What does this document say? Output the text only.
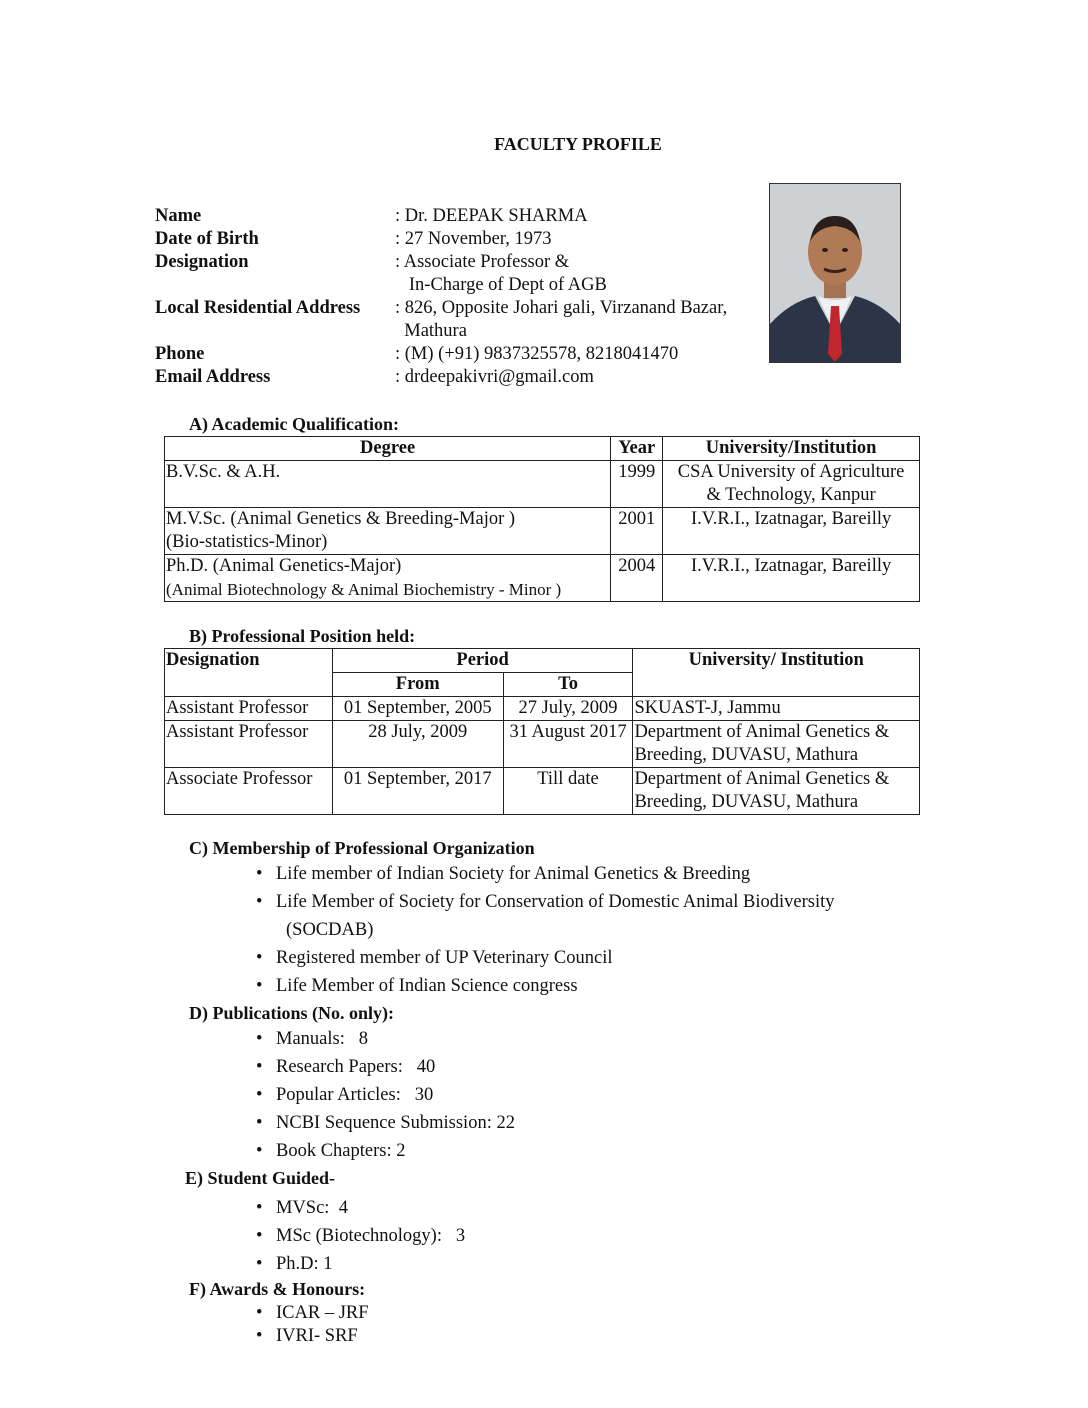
FACULTY PROFILE
Name	: Dr. DEEPAK SHARMA
Date of Birth	: 27 November, 1973
Designation	: Associate Professor &
In-Charge of Dept of AGB
Local Residential Address	: 826, Opposite Johari gali, Virzanand Bazar,
Mathura
Phone	: (M) (+91) 9837325578, 8218041470
Email Address	: drdeepakivri@gmail.com
A) Academic Qualification:
Degree	Year	University/Institution

B.V.Sc. & A.H.	1999	CSA University of Agriculture
& Technology, Kanpur

M.V.Sc. (Animal Genetics & Breeding-Major )
(Bio-statistics-Minor)	2001	I.V.R.I., Izatnagar, Bareilly

Ph.D. (Animal Genetics-Major)
(Animal Biotechnology & Animal Biochemistry - Minor )	2004	I.V.R.I., Izatnagar, Bareilly
B) Professional Position held:
Designation	Period		University/ Institution
	From	To	
Assistant Professor	01 September, 2005	27 July, 2009	SKUAST-J, Jammu
Assistant Professor	28 July, 2009	31 August 2017	Department of Animal Genetics &
Breeding, DUVASU, Mathura

Associate Professor	01 September, 2017	Till date	Department of Animal Genetics &
Breeding, DUVASU, Mathura
C) Membership of Professional Organization
• Life member of Indian Society for Animal Genetics & Breeding
• Life Member of Society for Conservation of Domestic Animal Biodiversity
(SOCDAB)
• Registered member of UP Veterinary Council
• Life Member of Indian Science congress
D) Publications (No. only):
• Manuals:   8
• Research Papers:   40
• Popular Articles:   30
• NCBI Sequence Submission: 22
• Book Chapters: 2
E) Student Guided-
• MVSc:  4
• MSc (Biotechnology):   3
• Ph.D: 1
F) Awards & Honours:
• ICAR – JRF
• IVRI- SRF
